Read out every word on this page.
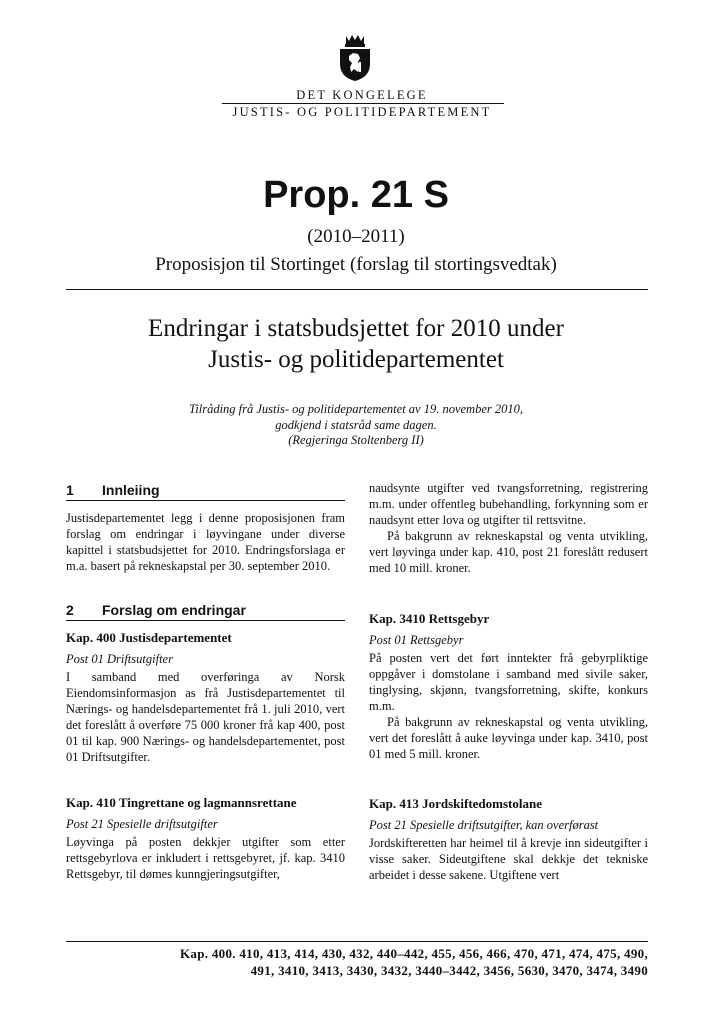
DET KONGELEGE
JUSTIS- OG POLITIDEPARTEMENT
Prop. 21 S
(2010–2011)
Proposisjon til Stortinget (forslag til stortingsvedtak)
Endringar i statsbudsjettet for 2010 under
Justis- og politidepartementet
Tilråding frå Justis- og politidepartementet av 19. november 2010,
godkjend i statsråd same dagen.
(Regjeringa Stoltenberg II)
1 Innleiing

Justisdepartementet legg i denne proposisjonen fram forslag om endringar i løyvingane under diverse kapittel i statsbudsjettet for 2010. Endringsforslaga er m.a. basert på rekneskapstal per 30. september 2010.

2 Forslag om endringar

Kap. 400 Justisdepartementet

Post 01 Driftsutgifter

I samband med overføringa av Norsk Eiendomsinformasjon as frå Justisdepartementet til Nærings- og handelsdepartementet frå 1. juli 2010, vert det foreslått å overføre 75 000 kroner frå kap 400, post 01 til kap. 900 Nærings- og handelsdepartementet, post 01 Driftsutgifter.

Kap. 410 Tingrettane og lagmannsrettane

Post 21 Spesielle driftsutgifter

Løyvinga på posten dekkjer utgifter som etter rettsgebyrlova er inkludert i rettsgebyret, jf. kap. 3410 Rettsgebyr, til dømes kunngjeringsutgifter,

naudsynte utgifter ved tvangsforretning, registrering m.m. under offentleg bubehandling, forkynning som er naudsynt etter lova og utgifter til rettsvitne.

På bakgrunn av rekneskapstal og venta utvikling, vert løyvinga under kap. 410, post 21 foreslått redusert med 10 mill. kroner.

Kap. 3410 Rettsgebyr

Post 01 Rettsgebyr

På posten vert det ført inntekter frå gebyrpliktige oppgåver i domstolane i samband med sivile saker, tinglysing, skjønn, tvangsforretning, skifte, konkurs m.m.

På bakgrunn av rekneskapstal og venta utvikling, vert det foreslått å auke løyvinga under kap. 3410, post 01 med 5 mill. kroner.

Kap. 413 Jordskiftedomstolane

Post 21 Spesielle driftsutgifter, kan overførast

Jordskifteretten har heimel til å krevje inn sideutgifter i visse saker. Sideutgiftene skal dekkje det tekniske arbeidet i desse sakene. Utgiftene vert

Kap. 400. 410, 413, 414, 430, 432, 440–442, 455, 456, 466, 470, 471, 474, 475, 490,
491, 3410, 3413, 3430, 3432, 3440–3442, 3456, 5630, 3470, 3474, 3490
